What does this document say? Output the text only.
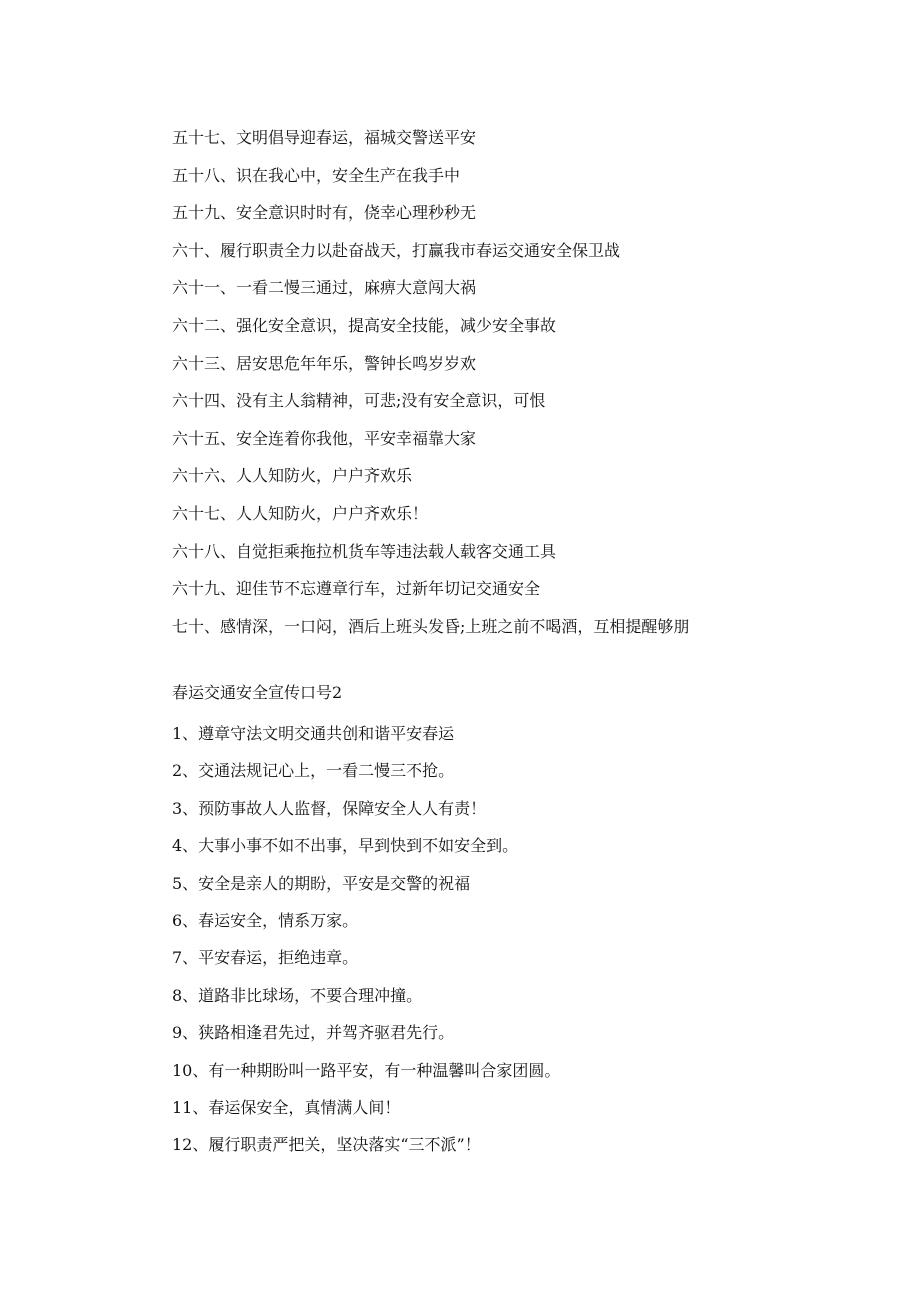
五十七、文明倡导迎春运，福城交警送平安
五十八、识在我心中，安全生产在我手中
五十九、安全意识时时有，侥幸心理秒秒无
六十、履行职责全力以赴奋战天，打赢我市春运交通安全保卫战
六十一、一看二慢三通过，麻痹大意闯大祸
六十二、强化安全意识，提高安全技能，减少安全事故
六十三、居安思危年年乐，警钟长鸣岁岁欢
六十四、没有主人翁精神，可悲;没有安全意识，可恨
六十五、安全连着你我他，平安幸福靠大家
六十六、人人知防火，户户齐欢乐
六十七、人人知防火，户户齐欢乐！
六十八、自觉拒乘拖拉机货车等违法载人载客交通工具
六十九、迎佳节不忘遵章行车，过新年切记交通安全
七十、感情深，一口闷，酒后上班头发昏;上班之前不喝酒，互相提醒够朋
春运交通安全宣传口号2
1、遵章守法文明交通共创和谐平安春运
2、交通法规记心上，一看二慢三不抢。
3、预防事故人人监督，保障安全人人有责！
4、大事小事不如不出事，早到快到不如安全到。
5、安全是亲人的期盼，平安是交警的祝福
6、春运安全，情系万家。
7、平安春运，拒绝违章。
8、道路非比球场，不要合理冲撞。
9、狭路相逢君先过，并驾齐驱君先行。
10、有一种期盼叫一路平安，有一种温馨叫合家团圆。
11、春运保安全，真情满人间！
12、履行职责严把关，坚决落实“三不派”！
